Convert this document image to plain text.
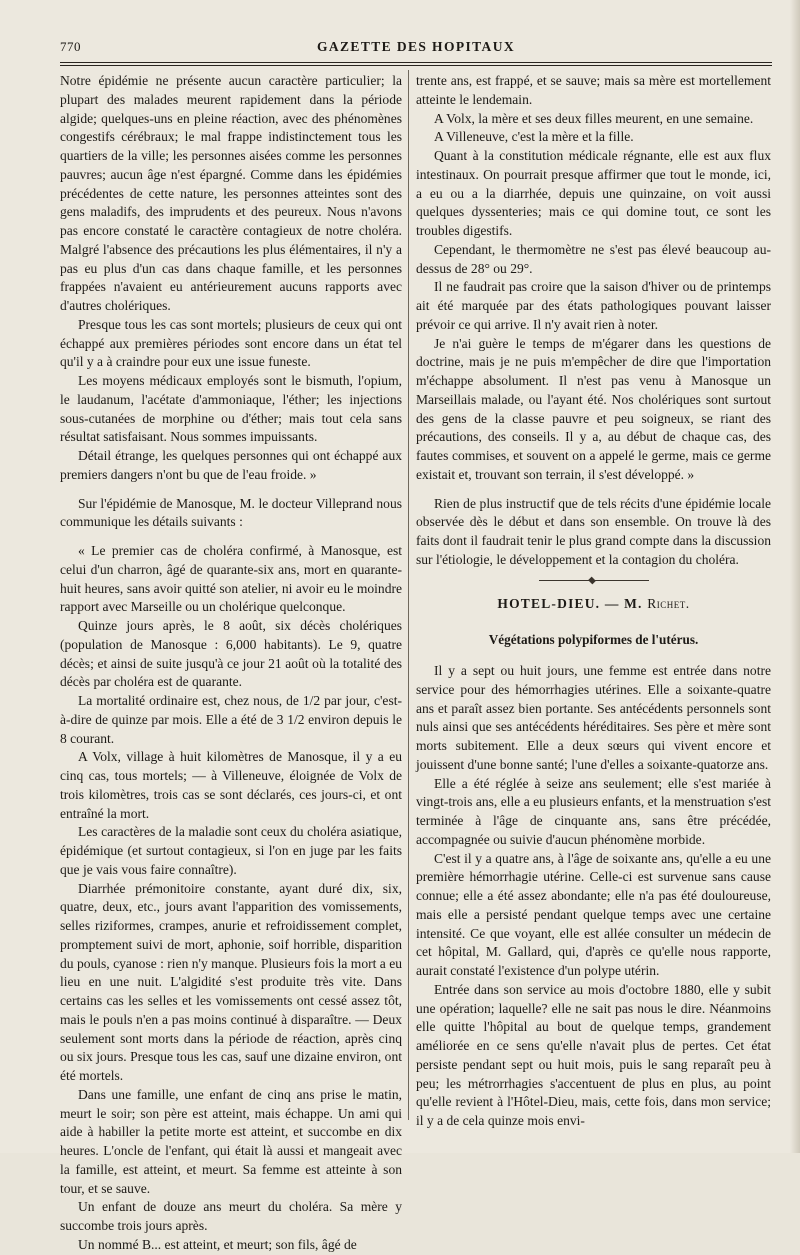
770	GAZETTE DES HOPITAUX

Notre épidémie ne présente aucun caractère particulier; la plupart des malades meurent rapidement dans la période algide; quelques-uns en pleine réaction, avec des phénomènes congestifs cérébraux; le mal frappe indistinctement tous les quartiers de la ville; les personnes aisées comme les personnes pauvres; aucun âge n'est épargné. Comme dans les épidémies précédentes de cette nature, les personnes atteintes sont des gens maladifs, des imprudents et des peureux. Nous n'avons pas encore constaté le caractère contagieux de notre choléra. Malgré l'absence des précautions les plus élémentaires, il n'y a pas eu plus d'un cas dans chaque famille, et les personnes frappées n'avaient eu antérieurement aucuns rapports avec d'autres cholériques.

Presque tous les cas sont mortels; plusieurs de ceux qui ont échappé aux premières périodes sont encore dans un état tel qu'il y a à craindre pour eux une issue funeste.

Les moyens médicaux employés sont le bismuth, l'opium, le laudanum, l'acétate d'ammoniaque, l'éther; les injections sous-cutanées de morphine ou d'éther; mais tout cela sans résultat satisfaisant. Nous sommes impuissants.

Détail étrange, les quelques personnes qui ont échappé aux premiers dangers n'ont bu que de l'eau froide. »

Sur l'épidémie de Manosque, M. le docteur Villeprand nous communique les détails suivants :

« Le premier cas de choléra confirmé, à Manosque, est celui d'un charron, âgé de quarante-six ans, mort en quarante-huit heures, sans avoir quitté son atelier, ni avoir eu le moindre rapport avec Marseille ou un cholérique quelconque.

Quinze jours après, le 8 août, six décès cholériques (population de Manosque : 6,000 habitants). Le 9, quatre décès; et ainsi de suite jusqu'à ce jour 21 août où la totalité des décès par choléra est de quarante.

La mortalité ordinaire est, chez nous, de 1/2 par jour, c'est-à-dire de quinze par mois. Elle a été de 3 1/2 environ depuis le 8 courant.

A Volx, village à huit kilomètres de Manosque, il y a eu cinq cas, tous mortels; — à Villeneuve, éloignée de Volx de trois kilomètres, trois cas se sont déclarés, ces jours-ci, et ont entraîné la mort.

Les caractères de la maladie sont ceux du choléra asiatique, épidémique (et surtout contagieux, si l'on en juge par les faits que je vais vous faire connaître).

Diarrhée prémonitoire constante, ayant duré dix, six, quatre, deux, etc., jours avant l'apparition des vomissements, selles riziformes, crampes, anurie et refroidissement complet, promptement suivi de mort, aphonie, soif horrible, disparition du pouls, cyanose : rien n'y manque. Plusieurs fois la mort a eu lieu en une nuit. L'algidité s'est produite très vite. Dans certains cas les selles et les vomissements ont cessé assez tôt, mais le pouls n'en a pas moins continué à disparaître. — Deux seulement sont morts dans la période de réaction, après cinq ou six jours. Presque tous les cas, sauf une dizaine environ, ont été mortels.

Dans une famille, une enfant de cinq ans prise le matin, meurt le soir; son père est atteint, mais échappe. Un ami qui aide à habiller la petite morte est atteint, et succombe en dix heures. L'oncle de l'enfant, qui était là aussi et mangeait avec la famille, est atteint, et meurt. Sa femme est atteinte à son tour, et se sauve.

Un enfant de douze ans meurt du choléra. Sa mère y succombe trois jours après.

Un nommé B... est atteint, et meurt; son fils, âgé de

trente ans, est frappé, et se sauve; mais sa mère est mortellement atteinte le lendemain.

A Volx, la mère et ses deux filles meurent, en une semaine.

A Villeneuve, c'est la mère et la fille.

Quant à la constitution médicale régnante, elle est aux flux intestinaux. On pourrait presque affirmer que tout le monde, ici, a eu ou a la diarrhée, depuis une quinzaine, on voit aussi quelques dyssenteries; mais ce qui domine tout, ce sont les troubles digestifs.

Cependant, le thermomètre ne s'est pas élevé beaucoup au-dessus de 28° ou 29°.

Il ne faudrait pas croire que la saison d'hiver ou de printemps ait été marquée par des états pathologiques pouvant laisser prévoir ce qui arrive. Il n'y avait rien à noter.

Je n'ai guère le temps de m'égarer dans les questions de doctrine, mais je ne puis m'empêcher de dire que l'importation m'échappe absolument. Il n'est pas venu à Manosque un Marseillais malade, ou l'ayant été. Nos cholériques sont surtout des gens de la classe pauvre et peu soigneux, se riant des précautions, des conseils. Il y a, au début de chaque cas, des fautes commises, et souvent on a appelé le germe, mais ce germe existait et, trouvant son terrain, il s'est développé. »

Rien de plus instructif que de tels récits d'une épidémie locale observée dès le début et dans son ensemble. On trouve là des faits dont il faudrait tenir le plus grand compte dans la discussion sur l'étiologie, le développement et la contagion du choléra.

HOTEL-DIEU. — M. Richet.
Végétations polypiformes de l'utérus.

Il y a sept ou huit jours, une femme est entrée dans notre service pour des hémorrhagies utérines. Elle a soixante-quatre ans et paraît assez bien portante. Ses antécédents personnels sont nuls ainsi que ses antécédents héréditaires. Ses père et mère sont morts subitement. Elle a deux sœurs qui vivent encore et jouissent d'une bonne santé; l'une d'elles a soixante-quatorze ans.

Elle a été réglée à seize ans seulement; elle s'est mariée à vingt-trois ans, elle a eu plusieurs enfants, et la menstruation s'est terminée à l'âge de cinquante ans, sans être précédée, accompagnée ou suivie d'aucun phénomène morbide.

C'est il y a quatre ans, à l'âge de soixante ans, qu'elle a eu une première hémorrhagie utérine. Celle-ci est survenue sans cause connue; elle a été assez abondante; elle n'a pas été douloureuse, mais elle a persisté pendant quelque temps avec une certaine intensité. Ce que voyant, elle est allée consulter un médecin de cet hôpital, M. Gallard, qui, d'après ce qu'elle nous rapporte, aurait constaté l'existence d'un polype utérin.

Entrée dans son service au mois d'octobre 1880, elle y subit une opération; laquelle? elle ne sait pas nous le dire. Néanmoins elle quitte l'hôpital au bout de quelque temps, grandement améliorée en ce sens qu'elle n'avait plus de pertes. Cet état persiste pendant sept ou huit mois, puis le sang reparaît peu à peu; les métrorrhagies s'accentuent de plus en plus, au point qu'elle revient à l'Hôtel-Dieu, mais, cette fois, dans mon service; il y a de cela quinze mois envi-
